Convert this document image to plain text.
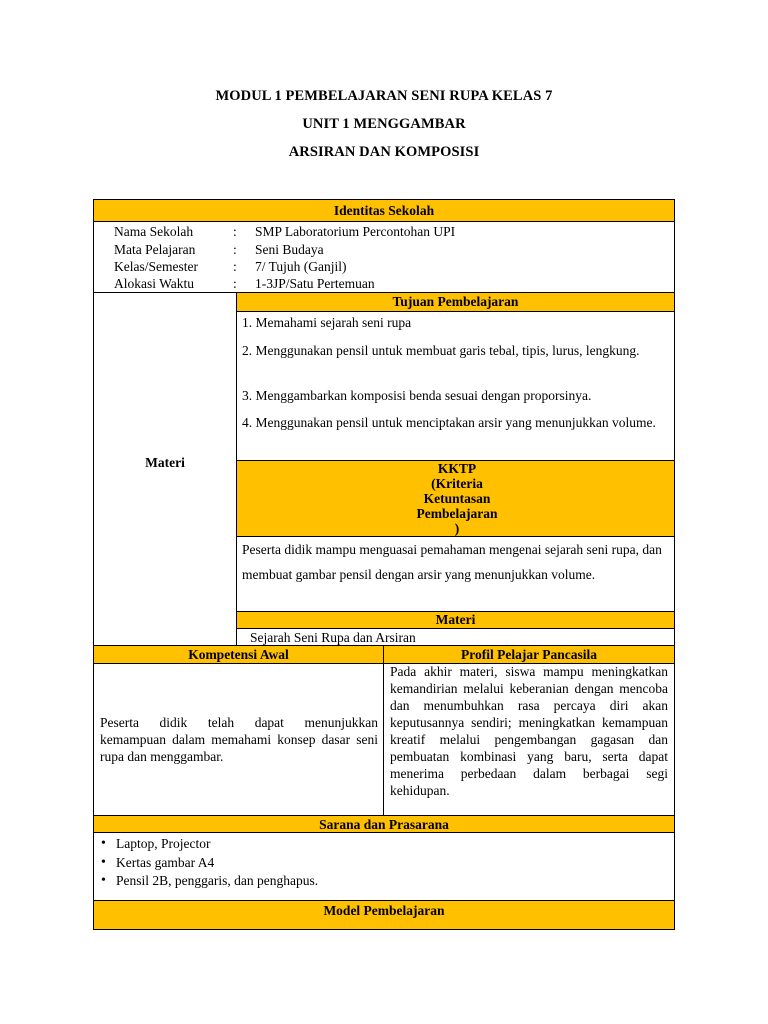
MODUL 1 PEMBELAJARAN SENI RUPA KELAS 7
UNIT 1 MENGGAMBAR
ARSIRAN DAN KOMPOSISI
Identitas Sekolah
Nama Sekolah	: SMP Laboratorium Percontohan UPI
Mata Pelajaran	: Seni Budaya
Kelas/Semester	: 7/ Tujuh (Ganjil)
Alokasi Waktu	: 1-3JP/Satu Pertemuan
Materi
Tujuan Pembelajaran
1. Memahami sejarah seni rupa
2. Menggunakan pensil untuk membuat garis tebal, tipis, lurus, lengkung.
3. Menggambarkan komposisi benda sesuai dengan proporsinya.
4. Menggunakan pensil untuk menciptakan arsir yang menunjukkan volume.
KKTP
(Kriteria
Ketuntasan
Pembelajaran
)
Peserta didik mampu menguasai pemahaman mengenai sejarah seni rupa, dan membuat gambar pensil dengan arsir yang menunjukkan volume.
Materi
Sejarah Seni Rupa dan Arsiran
Kompetensi Awal	Profil Pelajar Pancasila
Peserta didik telah dapat menunjukkan kemampuan dalam memahami konsep dasar seni rupa dan menggambar.
Pada akhir materi, siswa mampu meningkatkan kemandirian melalui keberanian dengan mencoba dan menumbuhkan rasa percaya diri akan keputusannya sendiri; meningkatkan kemampuan kreatif melalui pengembangan gagasan dan pembuatan kombinasi yang baru, serta dapat menerima perbedaan dalam berbagai segi kehidupan.
Sarana dan Prasarana
• Laptop, Projector
• Kertas gambar A4
• Pensil 2B, penggaris, dan penghapus.
Model Pembelajaran
